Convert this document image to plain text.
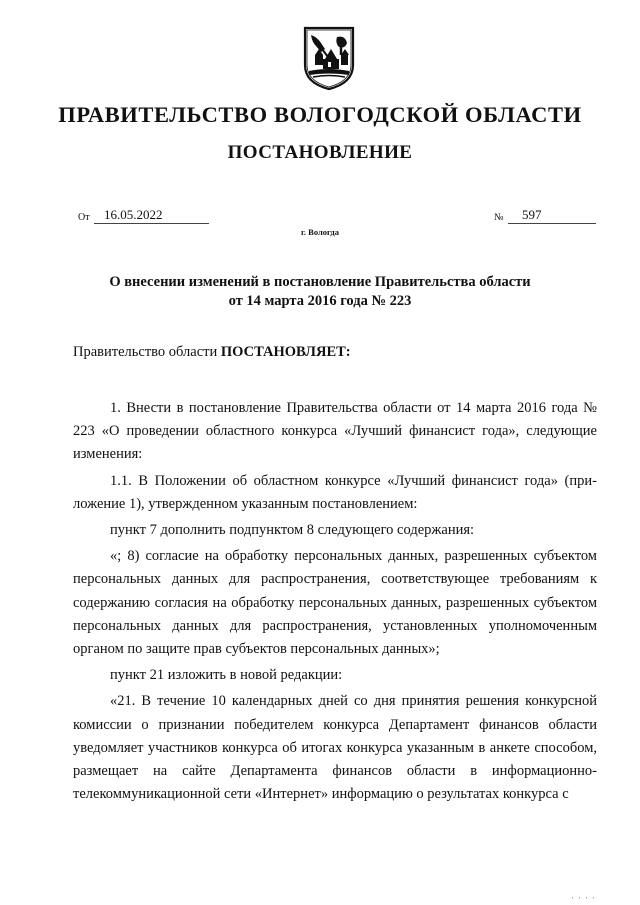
ПРАВИТЕЛЬСТВО ВОЛОГОДСКОЙ ОБЛАСТИ
ПОСТАНОВЛЕНИЕ
От 16.05.2022	№ 597
г. Вологда
О внесении изменений в постановление Правительства области
от 14 марта 2016 года № 223
Правительство области ПОСТАНОВЛЯЕТ:

1. Внести в постановление Правительства области от 14 марта 2016 года № 223 «О проведении областного конкурса «Лучший финансист года», следующие изменения:

1.1. В Положении об областном конкурсе «Лучший финансист года» (приложение 1), утвержденном указанным постановлением:

пункт 7 дополнить подпунктом 8 следующего содержания:

«; 8) согласие на обработку персональных данных, разрешенных субъектом персональных данных для распространения, соответствующее требованиям к содержанию согласия на обработку персональных данных, разрешенных субъектом персональных данных для распространения, установленных уполномоченным органом по защите прав субъектов персональных данных»;

пункт 21 изложить в новой редакции:

«21. В течение 10 календарных дней со дня принятия решения конкурсной комиссии о признании победителем конкурса Департамент финансов области уведомляет участников конкурса об итогах конкурса указанным в анкете способом, размещает на сайте Департамента финансов области в информационно-телекоммуникационной сети «Интернет» информацию о результатах конкурса с

' ' ' '
